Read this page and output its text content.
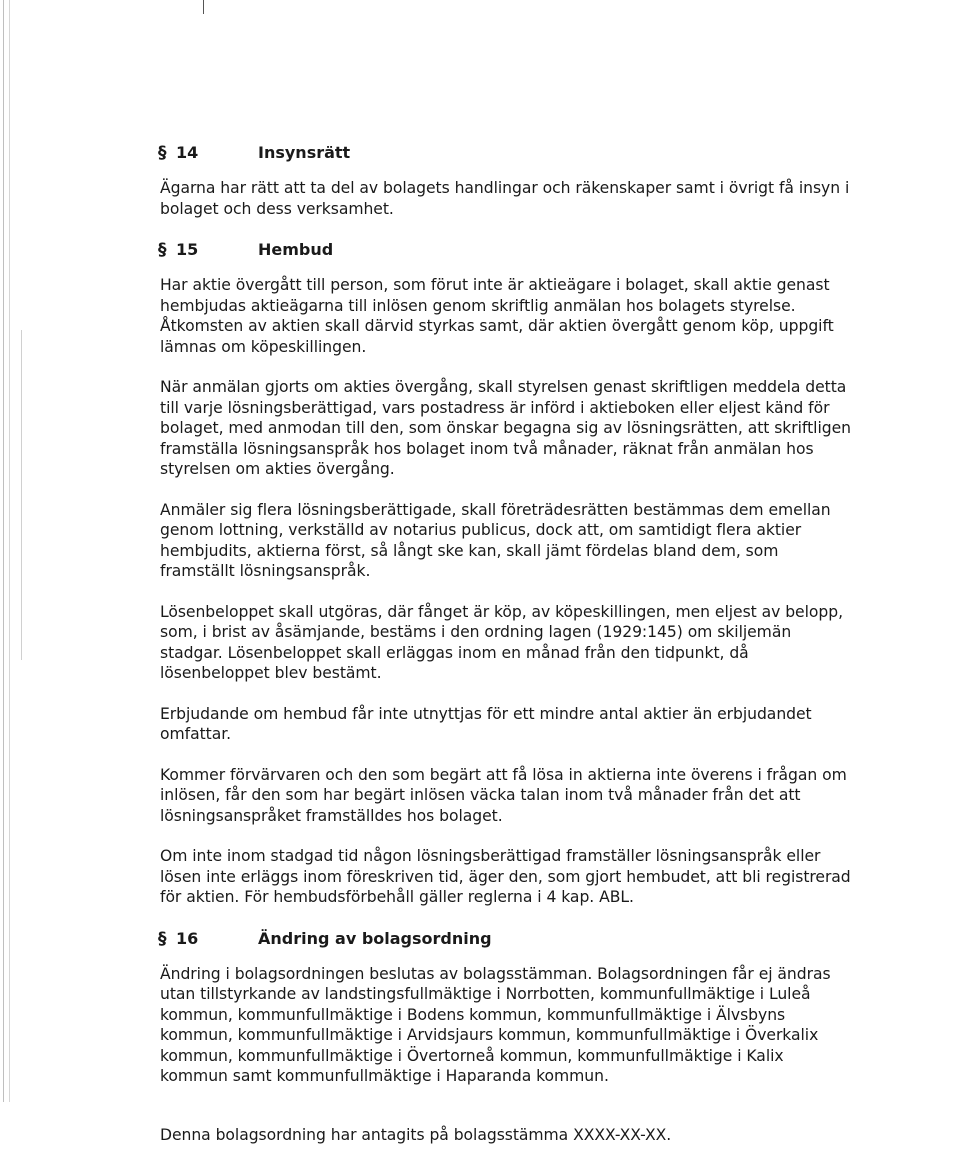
§ 14	Insynsrätt

Ägarna har rätt att ta del av bolagets handlingar och räkenskaper samt i övrigt få insyn i
bolaget och dess verksamhet.

§ 15	Hembud

Har aktie övergått till person, som förut inte är aktieägare i bolaget, skall aktie genast
hembjudas aktieägarna till inlösen genom skriftlig anmälan hos bolagets styrelse.
Åtkomsten av aktien skall därvid styrkas samt, där aktien övergått genom köp, uppgift
lämnas om köpeskillingen.

När anmälan gjorts om akties övergång, skall styrelsen genast skriftligen meddela detta
till varje lösningsberättigad, vars postadress är införd i aktieboken eller eljest känd för
bolaget, med anmodan till den, som önskar begagna sig av lösningsrätten, att skriftligen
framställa lösningsanspråk hos bolaget inom två månader, räknat från anmälan hos
styrelsen om akties övergång.

Anmäler sig flera lösningsberättigade, skall företrädesrätten bestämmas dem emellan
genom lottning, verkställd av notarius publicus, dock att, om samtidigt flera aktier
hembjudits, aktierna först, så långt ske kan, skall jämt fördelas bland dem, som
framställt lösningsanspråk.

Lösenbeloppet skall utgöras, där fånget är köp, av köpeskillingen, men eljest av belopp,
som, i brist av åsämjande, bestäms i den ordning lagen (1929:145) om skiljemän
stadgar. Lösenbeloppet skall erläggas inom en månad från den tidpunkt, då
lösenbeloppet blev bestämt.

Erbjudande om hembud får inte utnyttjas för ett mindre antal aktier än erbjudandet
omfattar.

Kommer förvärvaren och den som begärt att få lösa in aktierna inte överens i frågan om
inlösen, får den som har begärt inlösen väcka talan inom två månader från det att
lösningsanspråket framställdes hos bolaget.

Om inte inom stadgad tid någon lösningsberättigad framställer lösningsanspråk eller
lösen inte erläggs inom föreskriven tid, äger den, som gjort hembudet, att bli registrerad
för aktien. För hembudsförbehåll gäller reglerna i 4 kap. ABL.

§ 16	Ändring av bolagsordning

Ändring i bolagsordningen beslutas av bolagsstämman. Bolagsordningen får ej ändras
utan tillstyrkande av landstingsfullmäktige i Norrbotten, kommunfullmäktige i Luleå
kommun, kommunfullmäktige i Bodens kommun, kommunfullmäktige i Älvsbyns
kommun, kommunfullmäktige i Arvidsjaurs kommun, kommunfullmäktige i Överkalix
kommun, kommunfullmäktige i Övertorneå kommun, kommunfullmäktige i Kalix
kommun samt kommunfullmäktige i Haparanda kommun.

Denna bolagsordning har antagits på bolagsstämma XXXX-XX-XX.
